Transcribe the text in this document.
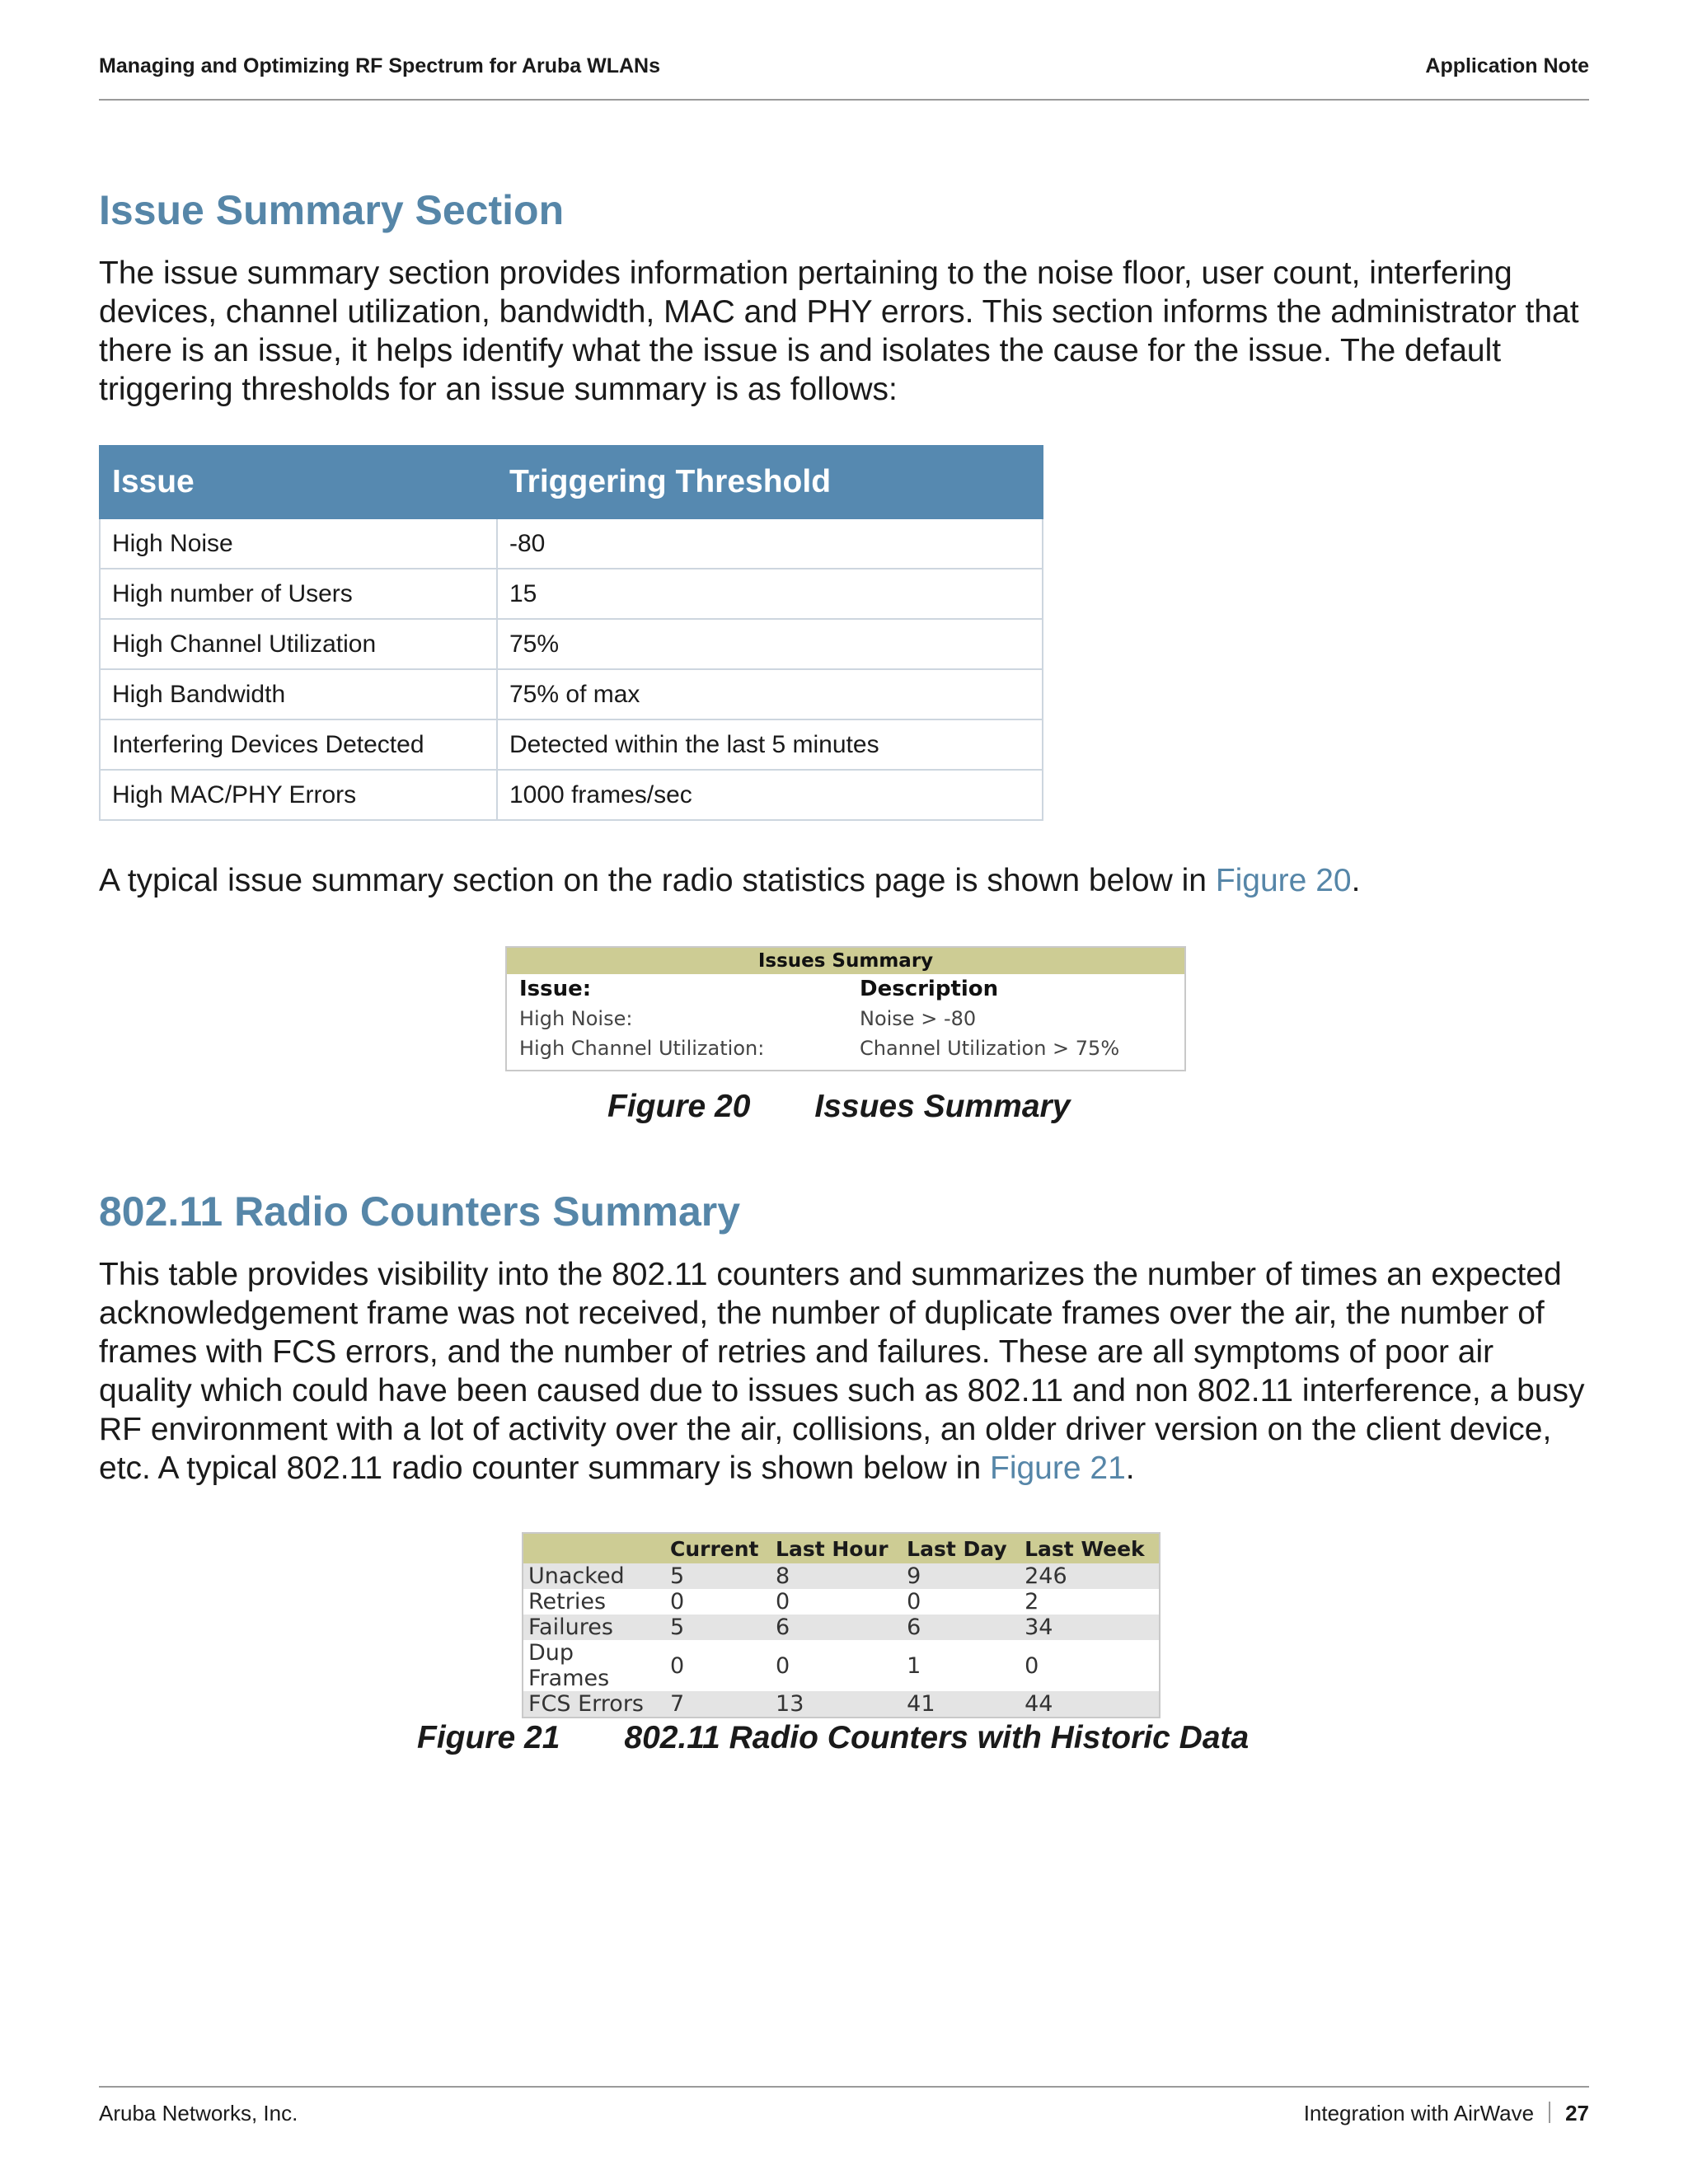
Managing and Optimizing RF Spectrum for Aruba WLANs	Application Note
Issue Summary Section

The issue summary section provides information pertaining to the noise floor, user count, interfering devices, channel utilization, bandwidth, MAC and PHY errors. This section informs the administrator that there is an issue, it helps identify what the issue is and isolates the cause for the issue. The default triggering thresholds for an issue summary is as follows:

Issue	Triggering Threshold
High Noise	-80
High number of Users	15
High Channel Utilization	75%
High Bandwidth	75% of max
Interfering Devices Detected	Detected within the last 5 minutes
High MAC/PHY Errors	1000 frames/sec

A typical issue summary section on the radio statistics page is shown below in Figure 20.

Issues Summary
Issue:	Description
High Noise:	Noise > -80
High Channel Utilization:	Channel Utilization > 75%

Figure 20 Issues Summary

802.11 Radio Counters Summary

This table provides visibility into the 802.11 counters and summarizes the number of times an expected acknowledgement frame was not received, the number of duplicate frames over the air, the number of frames with FCS errors, and the number of retries and failures. These are all symptoms of poor air quality which could have been caused due to issues such as 802.11 and non 802.11 interference, a busy RF environment with a lot of activity over the air, collisions, an older driver version on the client device, etc. A typical 802.11 radio counter summary is shown below in Figure 21.

	Current	Last Hour	Last Day	Last Week
Unacked	5	8	9	246
Retries	0	0	0	2
Failures	5	6	6	34
Dup Frames	0	0	1	0
FCS Errors	7	13	41	44

Figure 21 802.11 Radio Counters with Historic Data

Aruba Networks, Inc.	Integration with AirWave 27
